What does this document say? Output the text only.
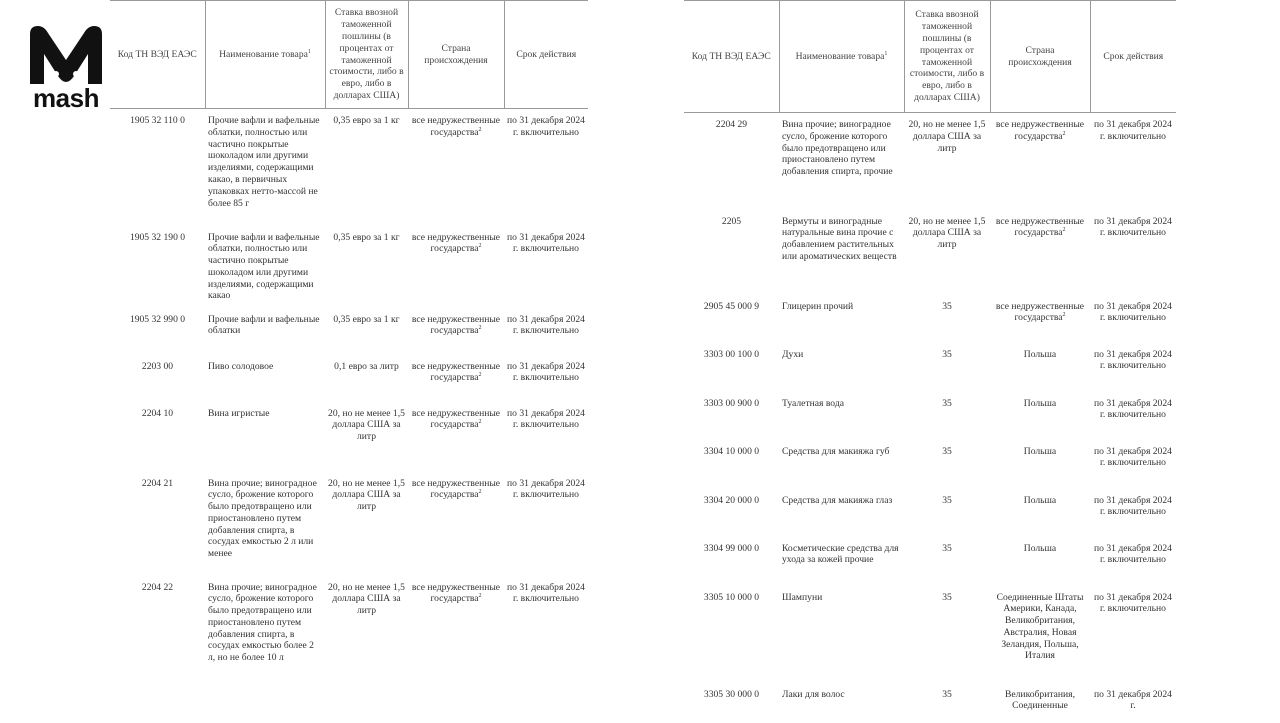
mash
Код ТН ВЭД ЕАЭС	Наименование товара$^1$	Ставка ввозной таможенной пошлины (в процентах от таможенной стоимости, либо в евро, либо в долларах США)	Страна происхождения	Срок действия
1905 32 110 0	Прочие вафли и вафельные облатки, полностью или частично покрытые шоколадом или другими изделиями, содержащими какао, в первичных упаковках нетто-массой не более 85 г	0,35 евро за 1 кг	все недружественные государства$^2$	по 31 декабря 2024 г. включительно
1905 32 190 0	Прочие вафли и вафельные облатки, полностью или частично покрытые шоколадом или другими изделиями, содержащими какао	0,35 евро за 1 кг	все недружественные государства$^2$	по 31 декабря 2024 г. включительно
1905 32 990 0	Прочие вафли и вафельные облатки	0,35 евро за 1 кг	все недружественные государства$^2$	по 31 декабря 2024 г. включительно
2203 00	Пиво солодовое	0,1 евро за литр	все недружественные государства$^2$	по 31 декабря 2024 г. включительно
2204 10	Вина игристые	20, но не менее 1,5 доллара США за литр	все недружественные государства$^2$	по 31 декабря 2024 г. включительно
2204 21	Вина прочие; виноградное сусло, брожение которого было предотвращено или приостановлено путем добавления спирта, в сосудах емкостью 2 л или менее	20, но не менее 1,5 доллара США за литр	все недружественные государства$^2$	по 31 декабря 2024 г. включительно
2204 22	Вина прочие; виноградное сусло, брожение которого было предотвращено или приостановлено путем добавления спирта, в сосудах емкостью более 2 л, но не более 10 л	20, но не менее 1,5 доллара США за литр	все недружественные государства$^2$	по 31 декабря 2024 г. включительно
Код ТН ВЭД ЕАЭС	Наименование товара$^1$	Ставка ввозной таможенной пошлины (в процентах от таможенной стоимости, либо в евро, либо в долларах США)	Страна происхождения	Срок действия
2204 29	Вина прочие; виноградное сусло, брожение которого было предотвращено или приостановлено путем добавления спирта, прочие	20, но не менее 1,5 доллара США за литр	все недружественные государства$^2$	по 31 декабря 2024 г. включительно
2205	Вермуты и виноградные натуральные вина прочие с добавлением растительных или ароматических веществ	20, но не менее 1,5 доллара США за литр	все недружественные государства$^2$	по 31 декабря 2024 г. включительно
2905 45 000 9	Глицерин прочий	35	все недружественные государства$^2$	по 31 декабря 2024 г. включительно
3303 00 100 0	Духи	35	Польша	по 31 декабря 2024 г. включительно
3303 00 900 0	Туалетная вода	35	Польша	по 31 декабря 2024 г. включительно
3304 10 000 0	Средства для макияжа губ	35	Польша	по 31 декабря 2024 г. включительно
3304 20 000 0	Средства для макияжа глаз	35	Польша	по 31 декабря 2024 г. включительно
3304 99 000 0	Косметические средства для ухода за кожей прочие	35	Польша	по 31 декабря 2024 г. включительно
3305 10 000 0	Шампуни	35	Соединенные Штаты Америки, Канада, Великобритания, Австралия, Новая Зеландия, Польша, Италия	по 31 декабря 2024 г. включительно
3305 30 000 0	Лаки для волос	35	Великобритания, Соединенные	по 31 декабря 2024 г.
